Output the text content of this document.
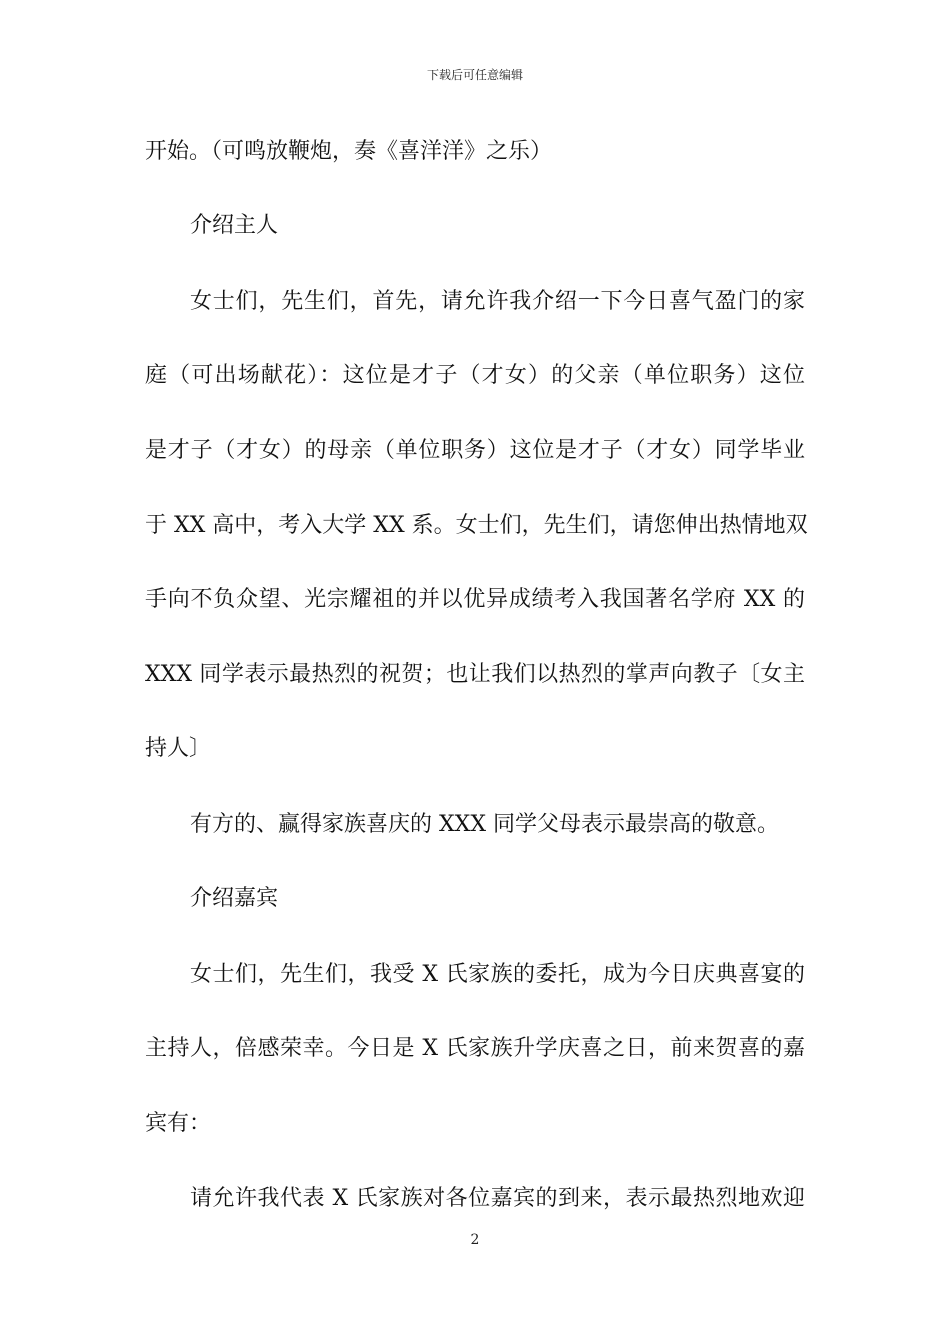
下载后可任意编辑
开始。（可鸣放鞭炮，奏《喜洋洋》之乐）
介绍主人
女士们，先生们，首先，请允许我介绍一下今日喜气盈门的家
庭（可出场献花）：这位是才子（才女）的父亲（单位职务）这位
是才子（才女）的母亲（单位职务）这位是才子（才女）同学毕业
于 XX 高中，考入大学 XX 系。女士们，先生们，请您伸出热情地双
手向不负众望、光宗耀祖的并以优异成绩考入我国著名学府 XX 的
XXX 同学表示最热烈的祝贺；也让我们以热烈的掌声向教子〔女主
持人〕
有方的、赢得家族喜庆的 XXX 同学父母表示最崇高的敬意。
介绍嘉宾
女士们，先生们，我受 X 氏家族的委托，成为今日庆典喜宴的
主持人，倍感荣幸。今日是 X 氏家族升学庆喜之日，前来贺喜的嘉
宾有：
请允许我代表 X 氏家族对各位嘉宾的到来，表示最热烈地欢迎
2
